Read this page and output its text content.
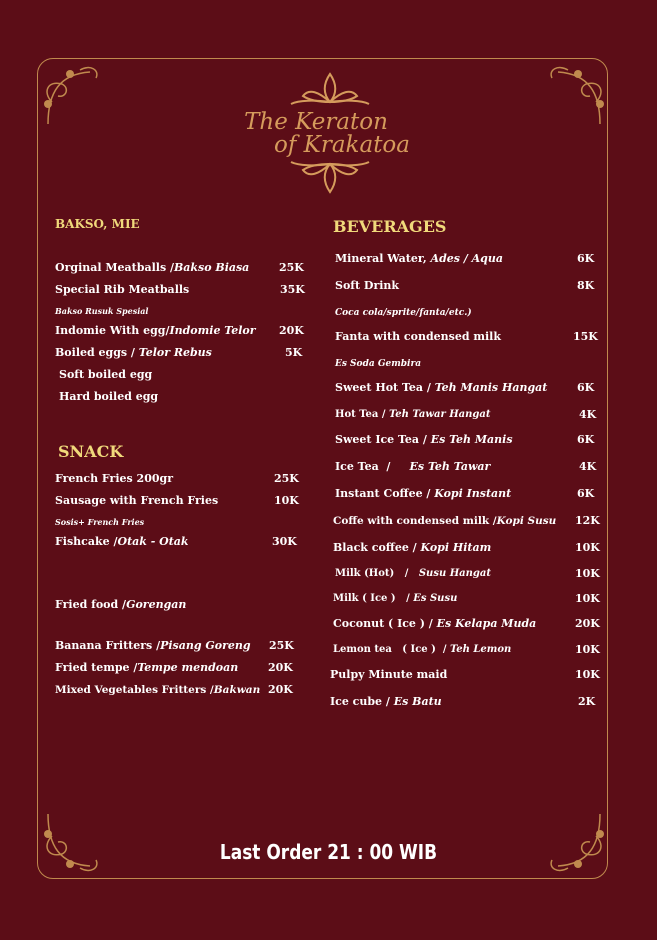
The Keraton
of Krakatoa
BAKSO, MIE
SNACK
BEVERAGES
Orginal Meatballs /Bakso Biasa	25K
Special Rib Meatballs	35K
Bakso Rusuk Spesial
Indomie With egg/Indomie Telor 20K
Boiled eggs / Telor Rebus	5K
Soft boiled egg
Hard boiled egg
French Fries 200gr	25K
Sausage with French Fries	10K
Sosis+ French Fries
Fishcake /Otak - Otak	30K
Fried food /Gorengan
Banana Fritters /Pisang Goreng 25K
Fried tempe /Tempe mendoan	20K
Mixed Vegetables Fritters /Bakwan 20K
Mineral Water, Ades / Aqua	6K
Soft Drink	8K
Coca cola/sprite/fanta/etc.)
Fanta with condensed milk	15K
Es Soda Gembira
Sweet Hot Tea / Teh Manis Hangat	6K
Hot Tea / Teh Tawar Hangat	4K
Sweet Ice Tea / Es Teh Manis	6K
Ice Tea  /     Es Teh Tawar	4K
Instant Coffee / Kopi Instant	6K
Coffe with condensed milk /Kopi Susu 12K
Black coffee / Kopi Hitam	10K
Milk (Hot)   /   Susu Hangat	10K
Milk ( Ice )   / Es Susu	10K
Coconut ( Ice ) / Es Kelapa Muda	20K
Lemon tea   ( Ice )  / Teh Lemon	10K
Pulpy Minute maid	10K
Ice cube / Es Batu	2K
Last Order 21 : 00 WIB
